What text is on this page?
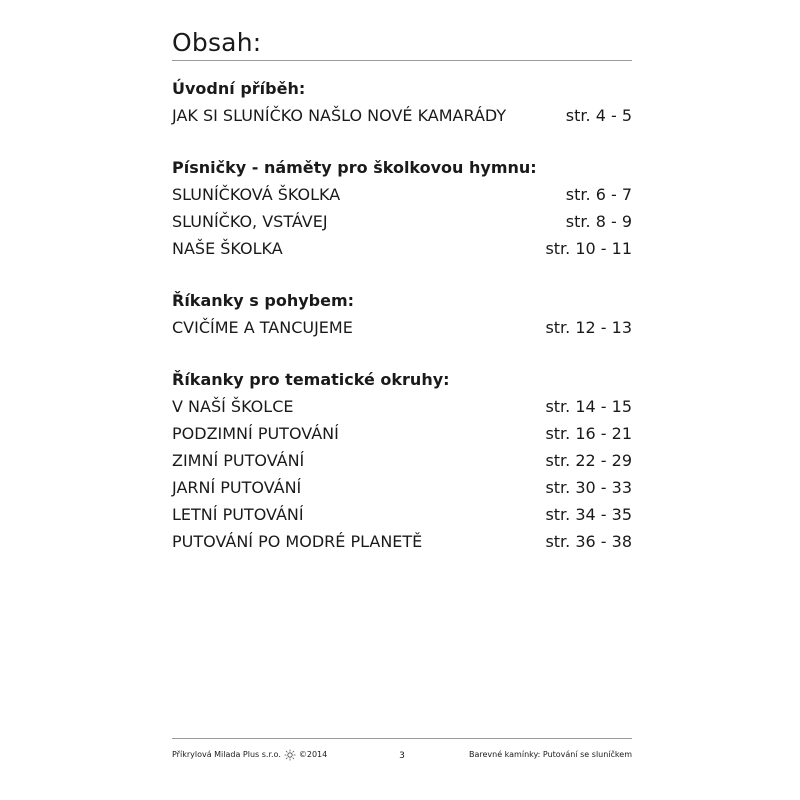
Obsah:
Úvodní příběh:
JAK SI SLUNÍČKO NAŠLO NOVÉ KAMARÁDY	str. 4 - 5
Písničky - náměty pro školkovou hymnu:
SLUNÍČKOVÁ ŠKOLKA	str. 6 - 7
SLUNÍČKO, VSTÁVEJ	str. 8 - 9
NAŠE ŠKOLKA	str. 10 - 11
Říkanky s pohybem:
CVIČÍME A TANCUJEME	str. 12 - 13
Říkanky pro tematické okruhy:
V NAŠÍ ŠKOLCE	str. 14 - 15
PODZIMNÍ PUTOVÁNÍ	str. 16 - 21
ZIMNÍ PUTOVÁNÍ	str. 22 - 29
JARNÍ PUTOVÁNÍ	str. 30 - 33
LETNÍ PUTOVÁNÍ	str. 34 - 35
PUTOVÁNÍ PO MODRÉ PLANETĚ	str. 36 - 38
Příkrylová Milada Plus s.r.o. ©2014	3	Barevné kamínky: Putování se sluníčkem
